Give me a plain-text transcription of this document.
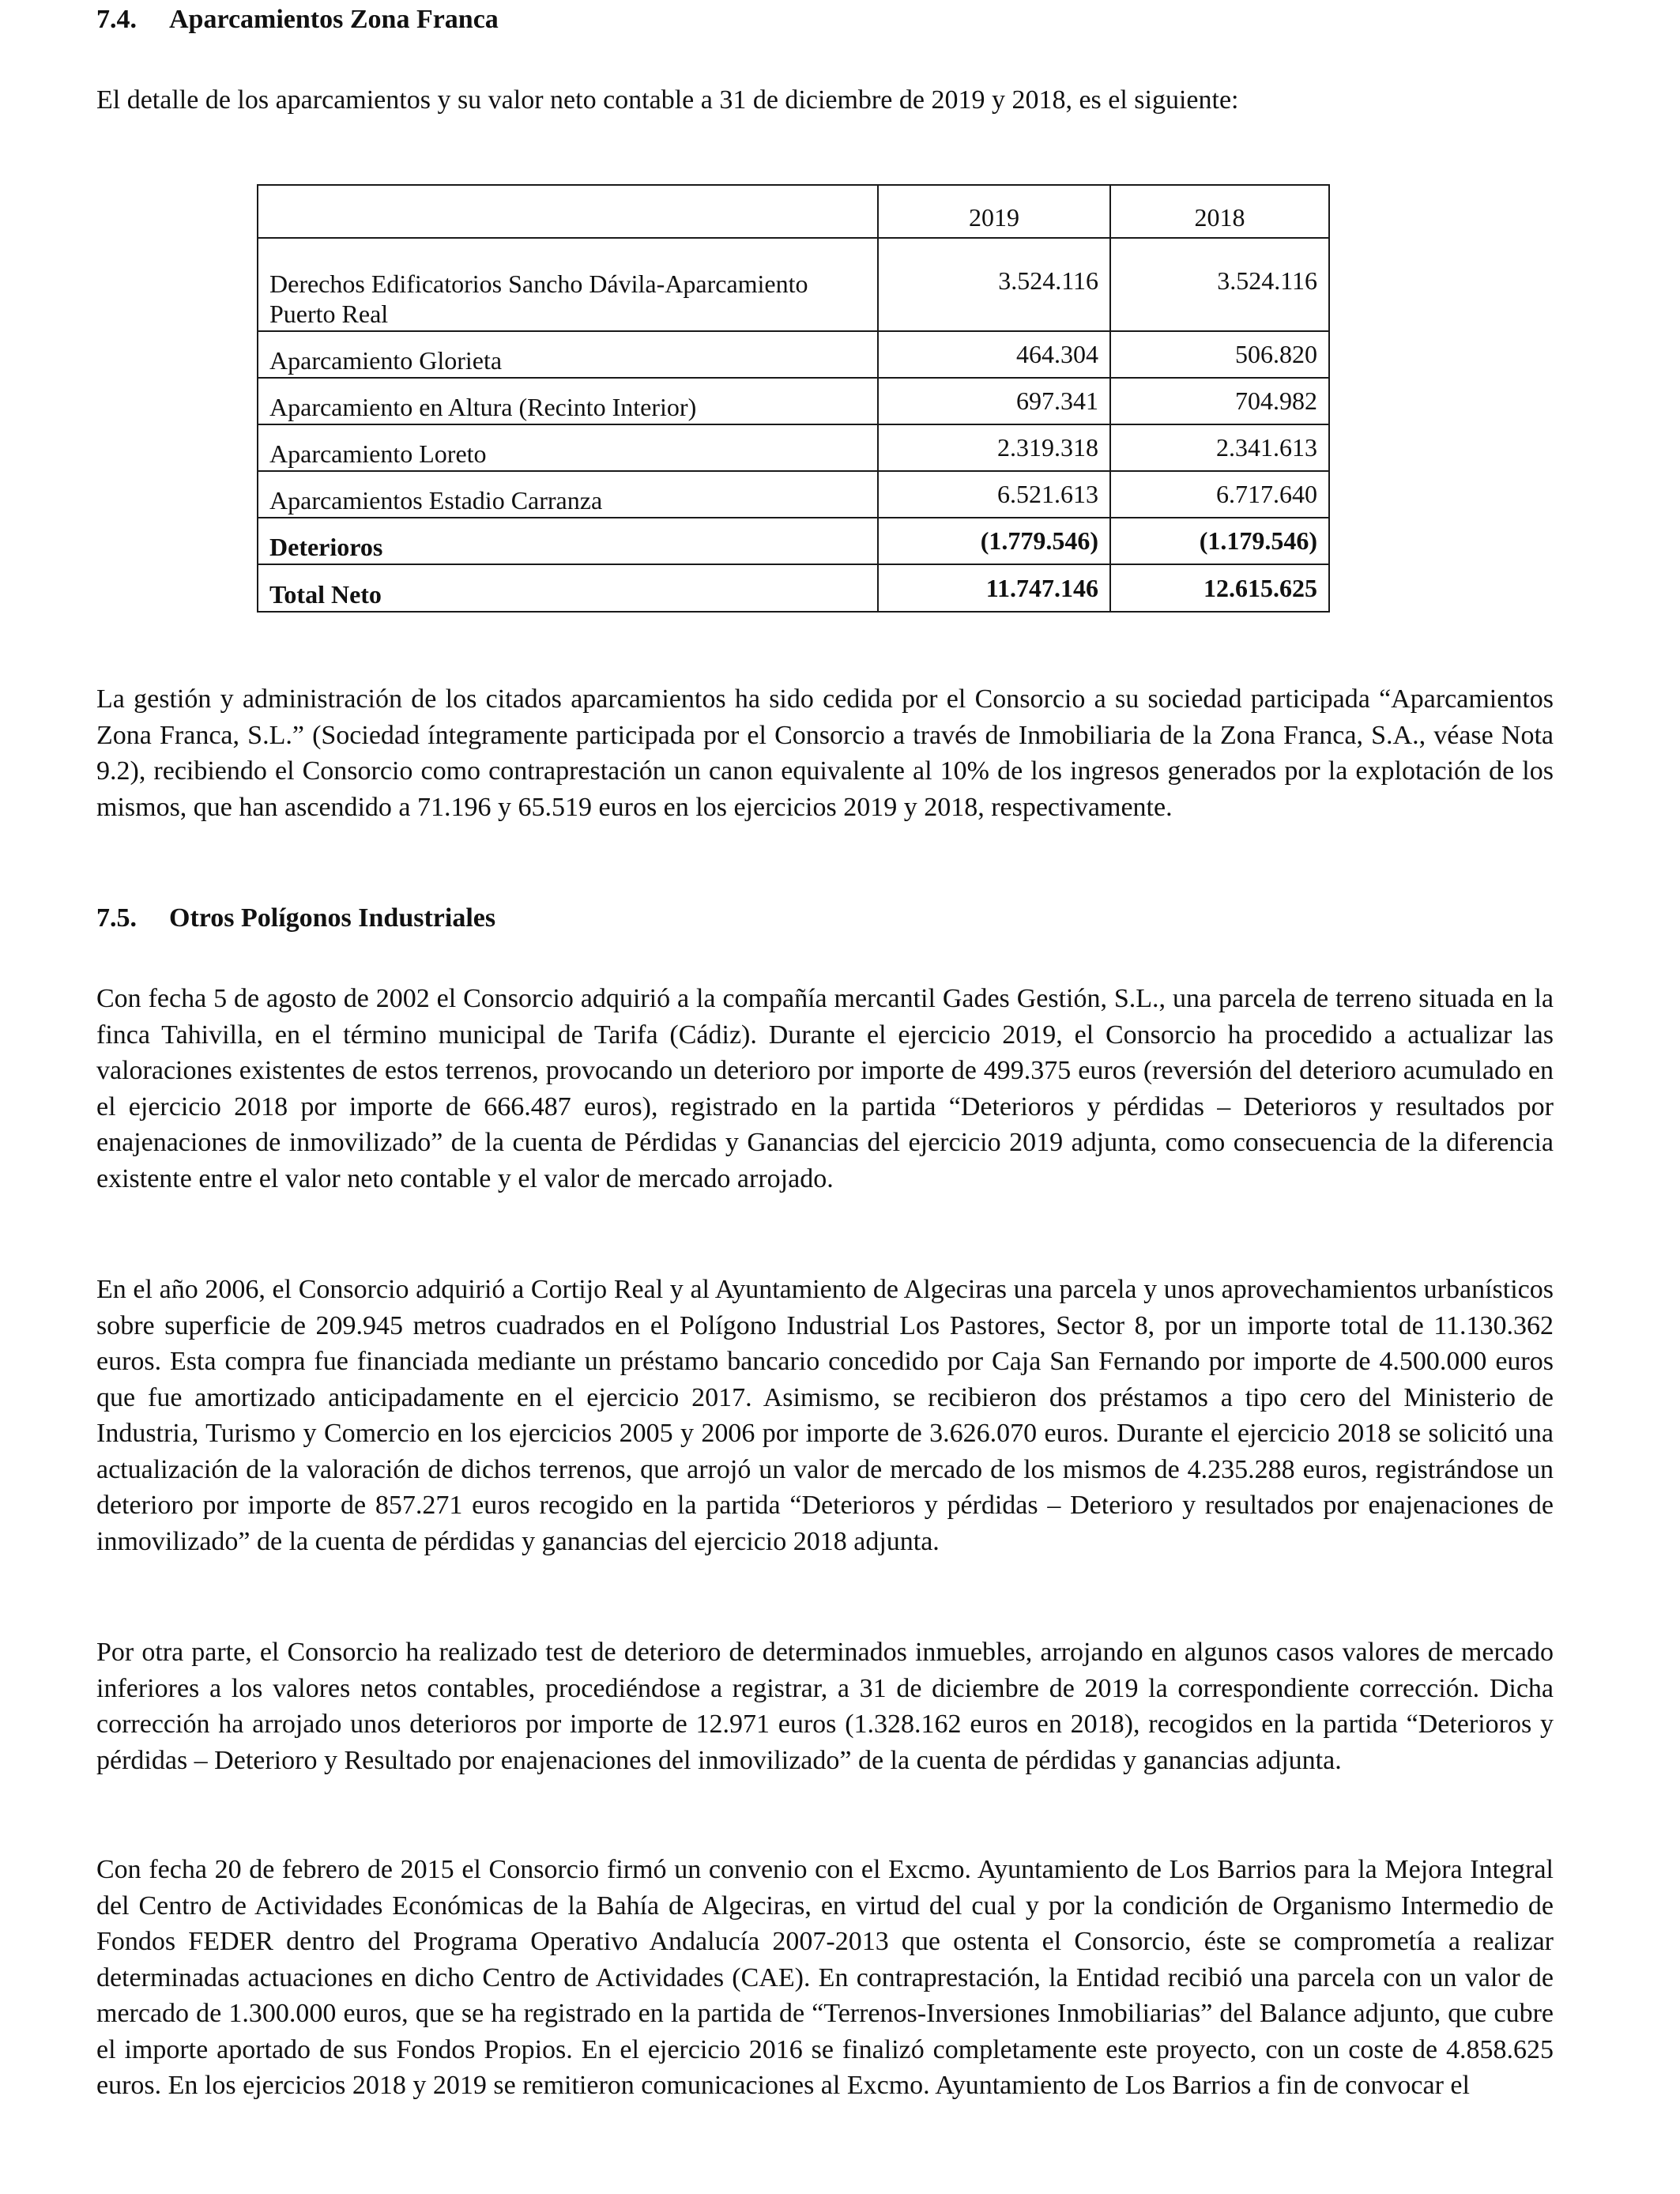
7.4. Aparcamientos Zona Franca
El detalle de los aparcamientos y su valor neto contable a 31 de diciembre de 2019 y 2018, es el siguiente:
	2019	2018
Derechos Edificatorios Sancho Dávila-Aparcamiento Puerto Real	3.524.116	3.524.116
Aparcamiento Glorieta	464.304	506.820
Aparcamiento en Altura (Recinto Interior)	697.341	704.982
Aparcamiento Loreto	2.319.318	2.341.613
Aparcamientos Estadio Carranza	6.521.613	6.717.640
Deterioros	(1.779.546)	(1.179.546)
Total Neto	11.747.146	12.615.625
La gestión y administración de los citados aparcamientos ha sido cedida por el Consorcio a su sociedad participada “Aparcamientos Zona Franca, S.L.” (Sociedad íntegramente participada por el Consorcio a través de Inmobiliaria de la Zona Franca, S.A., véase Nota 9.2), recibiendo el Consorcio como contraprestación un canon equivalente al 10% de los ingresos generados por la explotación de los mismos, que han ascendido a 71.196 y 65.519 euros en los ejercicios 2019 y 2018, respectivamente.
7.5. Otros Polígonos Industriales
Con fecha 5 de agosto de 2002 el Consorcio adquirió a la compañía mercantil Gades Gestión, S.L., una parcela de terreno situada en la finca Tahivilla, en el término municipal de Tarifa (Cádiz). Durante el ejercicio 2019, el Consorcio ha procedido a actualizar las valoraciones existentes de estos terrenos, provocando un deterioro por importe de 499.375 euros (reversión del deterioro acumulado en el ejercicio 2018 por importe de 666.487 euros), registrado en la partida “Deterioros y pérdidas – Deterioros y resultados por enajenaciones de inmovilizado” de la cuenta de Pérdidas y Ganancias del ejercicio 2019 adjunta, como consecuencia de la diferencia existente entre el valor neto contable y el valor de mercado arrojado.
En el año 2006, el Consorcio adquirió a Cortijo Real y al Ayuntamiento de Algeciras una parcela y unos aprovechamientos urbanísticos sobre superficie de 209.945 metros cuadrados en el Polígono Industrial Los Pastores, Sector 8, por un importe total de 11.130.362 euros. Esta compra fue financiada mediante un préstamo bancario concedido por Caja San Fernando por importe de 4.500.000 euros que fue amortizado anticipadamente en el ejercicio 2017. Asimismo, se recibieron dos préstamos a tipo cero del Ministerio de Industria, Turismo y Comercio en los ejercicios 2005 y 2006 por importe de 3.626.070 euros. Durante el ejercicio 2018 se solicitó una actualización de la valoración de dichos terrenos, que arrojó un valor de mercado de los mismos de 4.235.288 euros, registrándose un deterioro por importe de 857.271 euros recogido en la partida “Deterioros y pérdidas – Deterioro y resultados por enajenaciones de inmovilizado” de la cuenta de pérdidas y ganancias del ejercicio 2018 adjunta.
Por otra parte, el Consorcio ha realizado test de deterioro de determinados inmuebles, arrojando en algunos casos valores de mercado inferiores a los valores netos contables, procediéndose a registrar, a 31 de diciembre de 2019 la correspondiente corrección. Dicha corrección ha arrojado unos deterioros por importe de 12.971 euros (1.328.162 euros en 2018), recogidos en la partida “Deterioros y pérdidas – Deterioro y Resultado por enajenaciones del inmovilizado” de la cuenta de pérdidas y ganancias adjunta.
Con fecha 20 de febrero de 2015 el Consorcio firmó un convenio con el Excmo. Ayuntamiento de Los Barrios para la Mejora Integral del Centro de Actividades Económicas de la Bahía de Algeciras, en virtud del cual y por la condición de Organismo Intermedio de Fondos FEDER dentro del Programa Operativo Andalucía 2007-2013 que ostenta el Consorcio, éste se comprometía a realizar determinadas actuaciones en dicho Centro de Actividades (CAE). En contraprestación, la Entidad recibió una parcela con un valor de mercado de 1.300.000 euros, que se ha registrado en la partida de “Terrenos-Inversiones Inmobiliarias” del Balance adjunto, que cubre el importe aportado de sus Fondos Propios. En el ejercicio 2016 se finalizó completamente este proyecto, con un coste de 4.858.625 euros. En los ejercicios 2018 y 2019 se remitieron comunicaciones al Excmo. Ayuntamiento de Los Barrios a fin de convocar el
